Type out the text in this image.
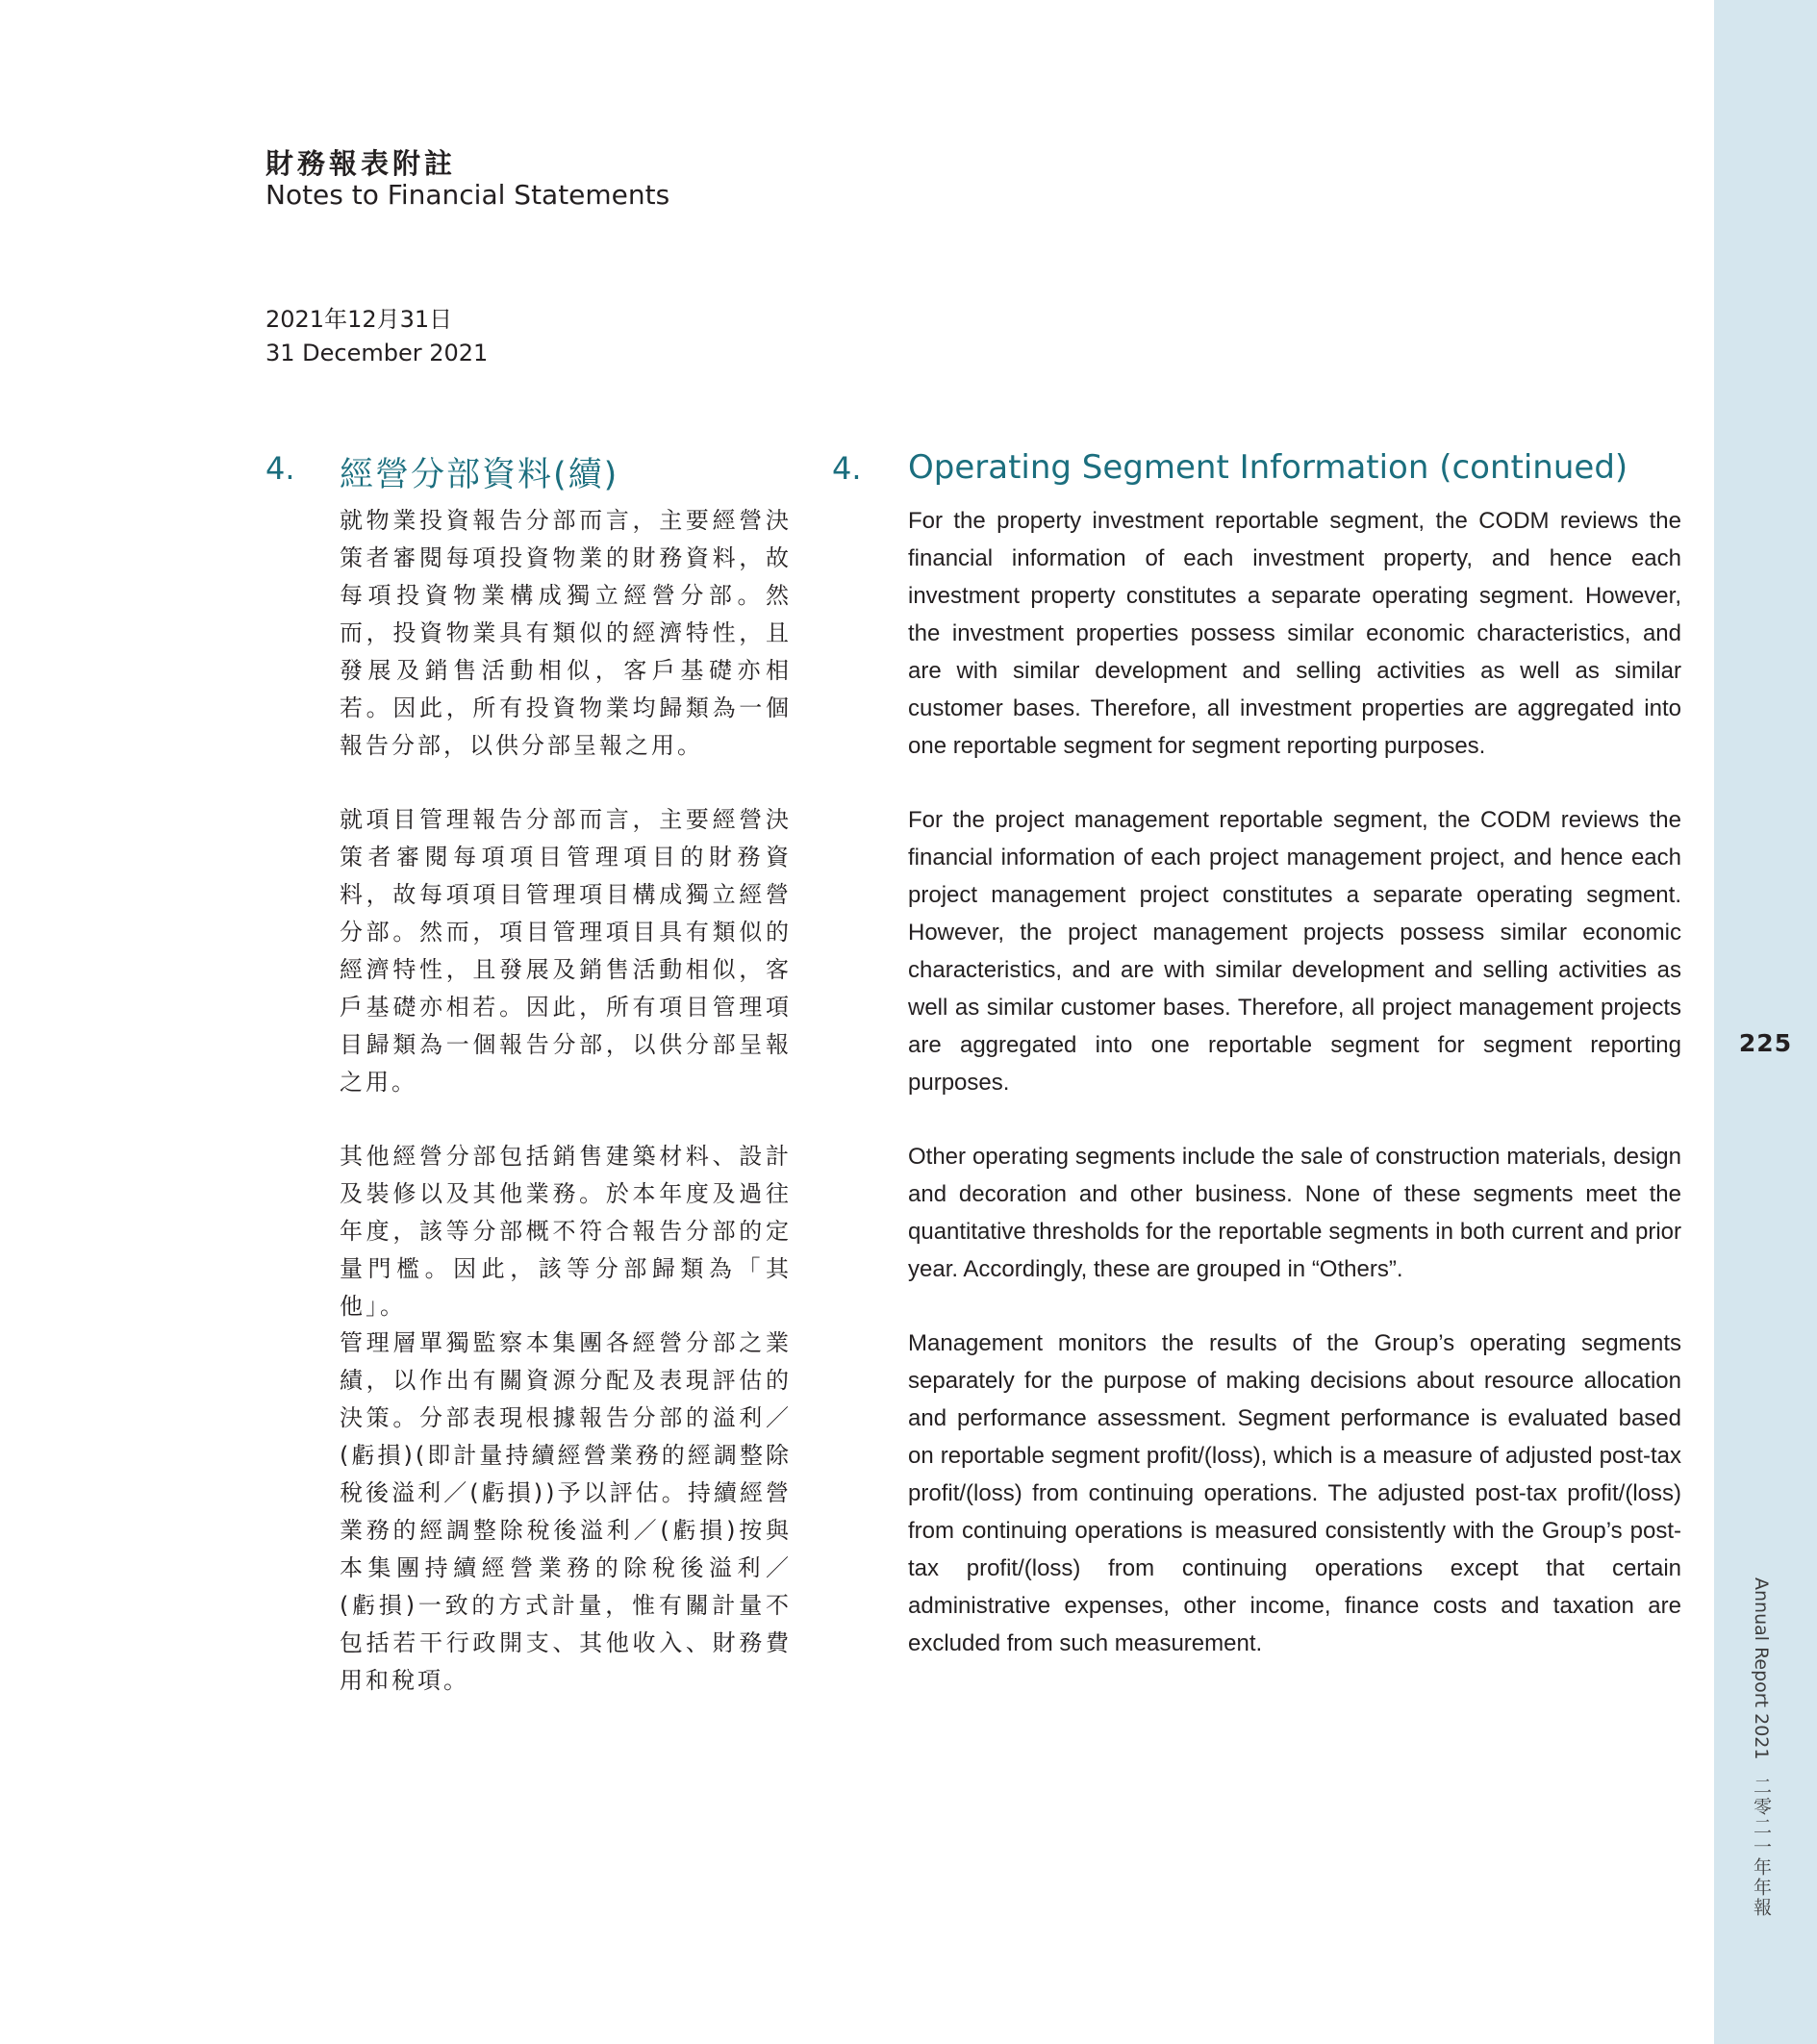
財務報表附註
Notes to Financial Statements
2021年12月31日
31 December 2021
4. 經營分部資料(續)	4. Operating Segment Information (continued)

就物業投資報告分部而言，主要經營決策者審閱每項投資物業的財務資料，故每項投資物業構成獨立經營分部。然而，投資物業具有類似的經濟特性，且發展及銷售活動相似，客戶基礎亦相若。因此，所有投資物業均歸類為一個報告分部，以供分部呈報之用。

就項目管理報告分部而言，主要經營決策者審閱每項項目管理項目的財務資料，故每項項目管理項目構成獨立經營分部。然而，項目管理項目具有類似的經濟特性，且發展及銷售活動相似，客戶基礎亦相若。因此，所有項目管理項目歸類為一個報告分部，以供分部呈報之用。

其他經營分部包括銷售建築材料、設計及裝修以及其他業務。於本年度及過往年度，該等分部概不符合報告分部的定量門檻。因此，該等分部歸類為「其他」。

管理層單獨監察本集團各經營分部之業績，以作出有關資源分配及表現評估的決策。分部表現根據報告分部的溢利／(虧損)(即計量持續經營業務的經調整除稅後溢利／(虧損))予以評估。持續經營業務的經調整除稅後溢利／(虧損)按與本集團持續經營業務的除稅後溢利／(虧損)一致的方式計量，惟有關計量不包括若干行政開支、其他收入、財務費用和稅項。

For the property investment reportable segment, the CODM reviews the financial information of each investment property, and hence each investment property constitutes a separate operating segment. However, the investment properties possess similar economic characteristics, and are with similar development and selling activities as well as similar customer bases. Therefore, all investment properties are aggregated into one reportable segment for segment reporting purposes.

For the project management reportable segment, the CODM reviews the financial information of each project management project, and hence each project management project constitutes a separate operating segment. However, the project management projects possess similar economic characteristics, and are with similar development and selling activities as well as similar customer bases. Therefore, all project management projects are aggregated into one reportable segment for segment reporting purposes.

Other operating segments include the sale of construction materials, design and decoration and other business. None of these segments meet the quantitative thresholds for the reportable segments in both current and prior year. Accordingly, these are grouped in “Others”.

Management monitors the results of the Group’s operating segments separately for the purpose of making decisions about resource allocation and performance assessment. Segment performance is evaluated based on reportable segment profit/(loss), which is a measure of adjusted post-tax profit/(loss) from continuing operations. The adjusted post-tax profit/(loss) from continuing operations is measured consistently with the Group’s post-tax profit/(loss) from continuing operations except that certain administrative expenses, other income, finance costs and taxation are excluded from such measurement.

225
Annual Report 2021二零二一年年報
